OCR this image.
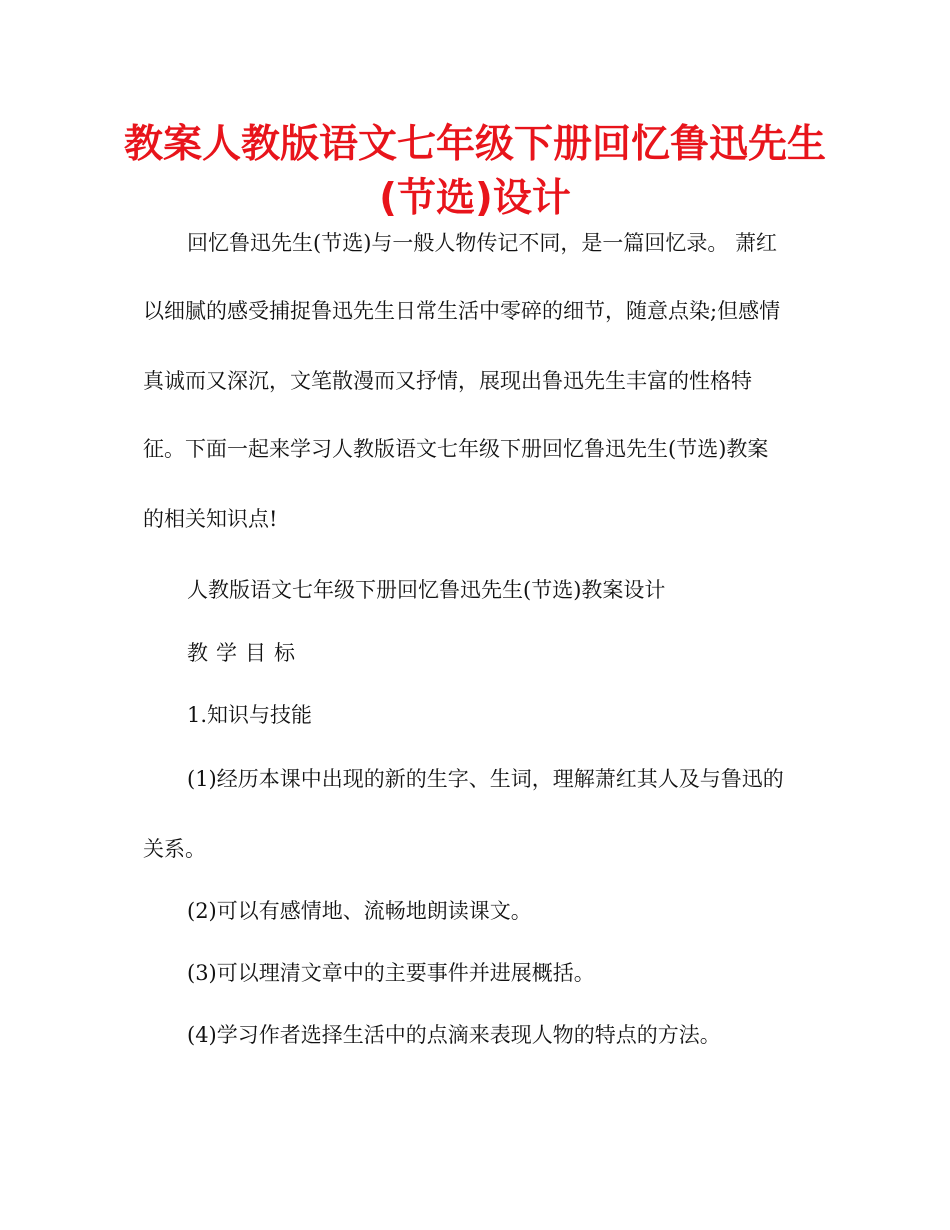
教案人教版语文七年级下册回忆鲁迅先生(节选)设计
回忆鲁迅先生(节选)与一般人物传记不同，是一篇回忆录。 萧红
以细腻的感受捕捉鲁迅先生日常生活中零碎的细节，随意点染;但感情
真诚而又深沉，文笔散漫而又抒情，展现出鲁迅先生丰富的性格特
征。下面一起来学习人教版语文七年级下册回忆鲁迅先生(节选)教案
的相关知识点!
人教版语文七年级下册回忆鲁迅先生(节选)教案设计
教学目标
1.知识与技能
(1)经历本课中出现的新的生字、生词，理解萧红其人及与鲁迅的
关系。
(2)可以有感情地、流畅地朗读课文。
(3)可以理清文章中的主要事件并进展概括。
(4)学习作者选择生活中的点滴来表现人物的特点的方法。
